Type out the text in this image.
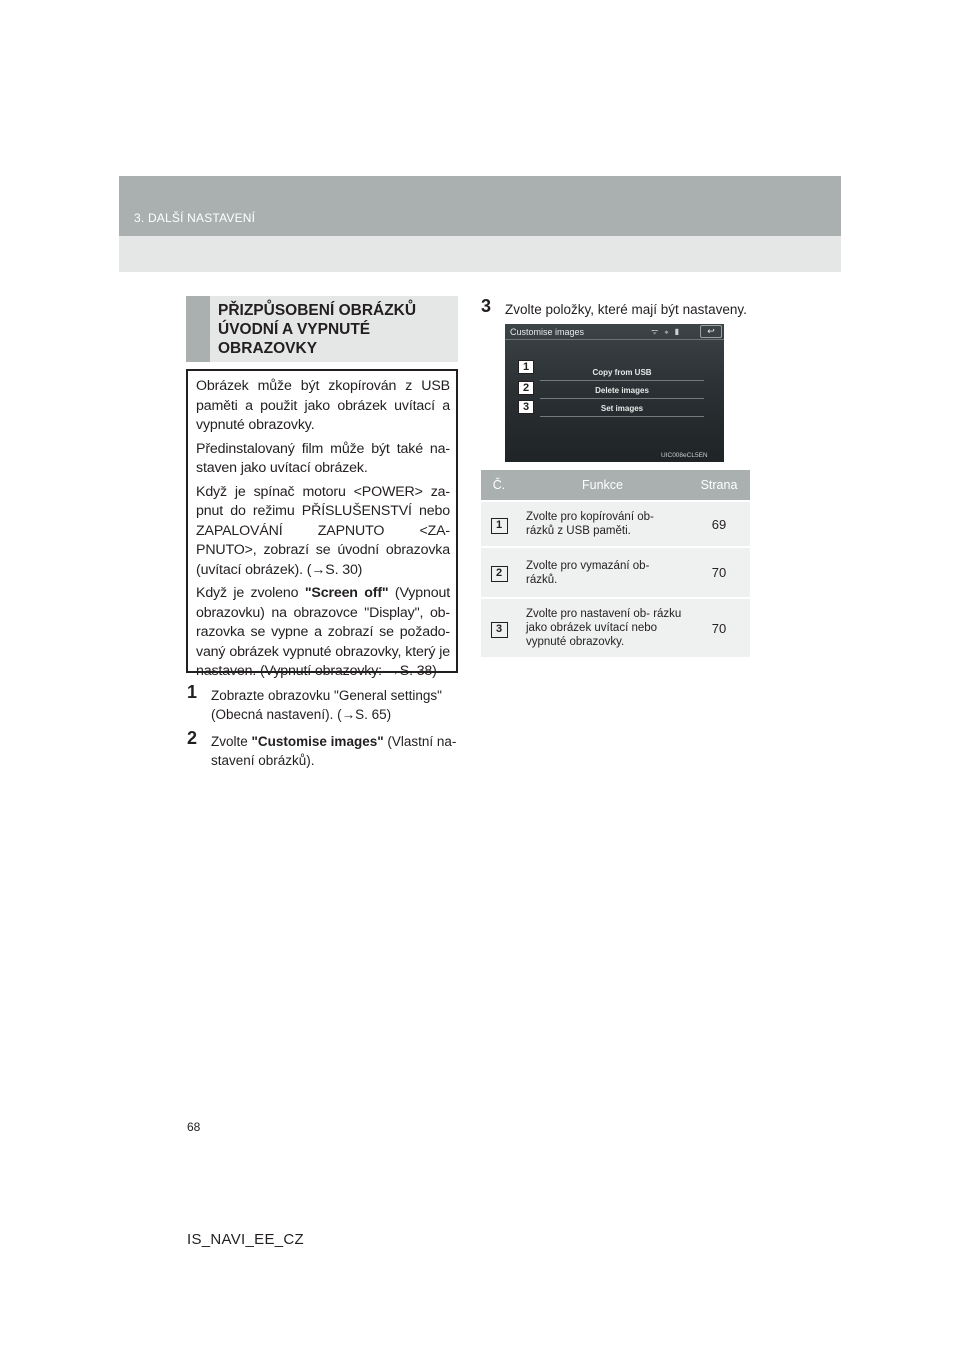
3. DALŠÍ NASTAVENÍ
PŘIZPŮSOBENÍ OBRÁZKŮ ÚVODNÍ A VYPNUTÉ OBRAZOVKY

Obrázek může být zkopírován z USB paměti a použit jako obrázek uvítací a vypnuté obrazovky.

Předinstalovaný film může být také na- staven jako uvítací obrázek.

Když je spínač motoru <POWER> za- pnut do režimu PŘÍSLUŠENSTVÍ nebo ZAPALOVÁNÍ ZAPNUTO <ZA- PNUTO>, zobrazí se úvodní obrazovka (uvítací obrázek). (→S. 30)

Když je zvoleno "Screen off" (Vypnout obrazovku) na obrazovce "Display", ob- razovka se vypne a zobrazí se požado- vaný obrázek vypnuté obrazovky, který je nastaven. (Vypnutí obrazovky: →S. 38)

1	Zobrazte obrazovku "General settings" (Obecná nastavení). (→S. 65)
2	Zvolte "Customise images" (Vlastní na- stavení obrázků).
3	Zvolte položky, které mají být nastaveny.
Customise images	ᯤ ⁎ ▮	↩
Copy from USB
Delete images
Set images
1
2
3
UIC008eCL5EN
Č.	Funkce	Strana
1	Zvolte pro kopírování ob- rázků z USB paměti.	69
2	Zvolte pro vymazání ob- rázků.	70
3	Zvolte pro nastavení ob- rázku jako obrázek uvítací nebo vypnuté obrazovky.	70
68
IS_NAVI_EE_CZ
